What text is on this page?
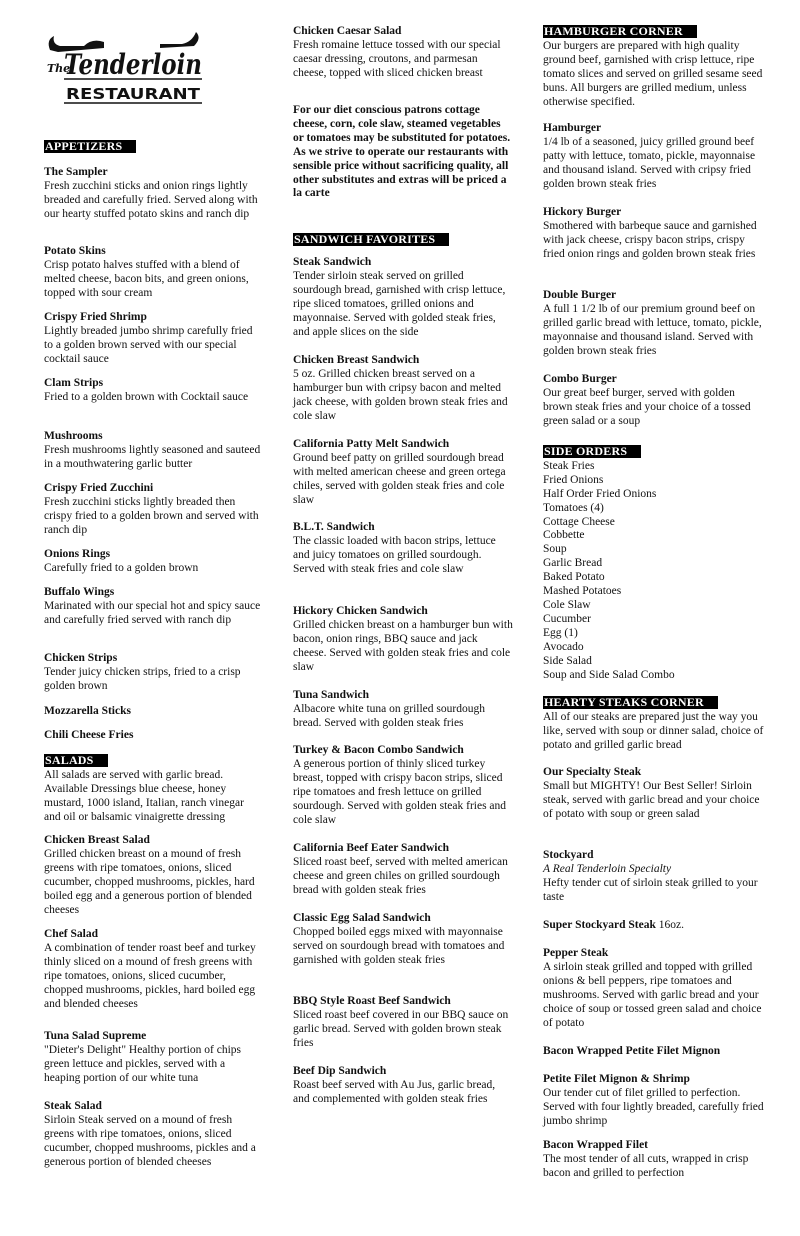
The
Tenderloin
RESTAURANT
APPETIZERS
The Sampler
Fresh zucchini sticks and onion rings lightly breaded and carefully fried. Served along with our hearty stuffed potato skins and ranch dip
Potato Skins
Crisp potato halves stuffed with a blend of melted cheese, bacon bits, and green onions, topped with sour cream
Crispy Fried Shrimp
Lightly breaded jumbo shrimp carefully fried to a golden brown served with our special cocktail sauce
Clam Strips
Fried to a golden brown with Cocktail sauce
Mushrooms
Fresh mushrooms lightly seasoned and sauteed in a mouthwatering garlic butter
Crispy Fried Zucchini
Fresh zucchini sticks lightly breaded then crispy fried to a golden brown and served with ranch dip
Onions Rings
Carefully fried to a golden brown
Buffalo Wings
Marinated with our special hot and spicy sauce and carefully fried served with ranch dip
Chicken Strips
Tender juicy chicken strips, fried to a crisp golden brown
Mozzarella Sticks
Chili Cheese Fries
SALADS
All salads are served with garlic bread. Available Dressings blue cheese, honey mustard, 1000 island, Italian, ranch vinegar and oil or balsamic vinaigrette dressing
Chicken Breast Salad
Grilled chicken breast on a mound of fresh greens with ripe tomatoes, onions, sliced cucumber, chopped mushrooms, pickles, hard boiled egg and a generous portion of blended cheeses
Chef Salad
A combination of tender roast beef and turkey thinly sliced on a mound of fresh greens with ripe tomatoes, onions, sliced cucumber, chopped mushrooms, pickles, hard boiled egg and blended cheeses
Tuna Salad Supreme
"Dieter's Delight" Healthy portion of chips green lettuce and pickles, served with a heaping portion of our white tuna
Steak Salad
Sirloin Steak served on a mound of fresh greens with ripe tomatoes, onions, sliced cucumber, chopped mushrooms, pickles and a generous portion of blended cheeses
Chicken Caesar Salad
Fresh romaine lettuce tossed with our special caesar dressing, croutons, and parmesan cheese, topped with sliced chicken breast
For our diet conscious patrons cottage cheese, corn, cole slaw, steamed vegetables or tomatoes may be substituted for potatoes. As we strive to operate our restaurants with sensible price without sacrificing quality, all other substitutes and extras will be priced a la carte
SANDWICH FAVORITES
Steak Sandwich
Tender sirloin steak served on grilled sourdough bread, garnished with crisp lettuce, ripe sliced tomatoes, grilled onions and mayonnaise. Served with golded steak fries, and apple slices on the side
Chicken Breast Sandwich
5 oz. Grilled chicken breast served on a hamburger bun with cripsy bacon and melted jack cheese, with golden brown steak fries and cole slaw
California Patty Melt Sandwich
Ground beef patty on grilled sourdough bread with melted american cheese and green ortega chiles, served with golden steak fries and cole slaw
B.L.T. Sandwich
The classic loaded with bacon strips, lettuce and juicy tomatoes on grilled sourdough. Served with steak fries and cole slaw
Hickory Chicken Sandwich
Grilled chicken breast on a hamburger bun with bacon, onion rings, BBQ sauce and jack cheese. Served with golden steak fries and cole slaw
Tuna Sandwich
Albacore white tuna on grilled sourdough bread. Served with golden steak fries
Turkey & Bacon Combo Sandwich
A generous portion of thinly sliced turkey breast, topped with crispy bacon strips, sliced ripe tomatoes and fresh lettuce on grilled sourdough. Served with golden steak fries and cole slaw
California Beef Eater Sandwich
Sliced roast beef, served with melted american cheese and green chiles on grilled sourdough bread with golden steak fries
Classic Egg Salad Sandwich
Chopped boiled eggs mixed with mayonnaise served on sourdough bread with tomatoes and garnished with golden steak fries
BBQ Style Roast Beef Sandwich
Sliced roast beef covered in our BBQ sauce on garlic bread. Served with golden brown steak fries
Beef Dip Sandwich
Roast beef served with Au Jus, garlic bread, and complemented with golden steak fries
HAMBURGER CORNER
Our burgers are prepared with high quality ground beef, garnished with crisp lettuce, ripe tomato slices and served on grilled sesame seed buns. All burgers are grilled medium, unless otherwise specified.
Hamburger
1/4 lb of a seasoned, juicy grilled ground beef patty with lettuce, tomato, pickle, mayonnaise and thousand island. Served with cripsy fried golden brown steak fries
Hickory Burger
Smothered with barbeque sauce and garnished with jack cheese, crispy bacon strips, crispy fried onion rings and golden brown steak fries
Double Burger
A full 1 1/2 lb of our premium ground beef on grilled garlic bread with lettuce, tomato, pickle, mayonnaise and thousand island. Served with golden brown steak fries
Combo Burger
Our great beef burger, served with golden brown steak fries and your choice of a tossed green salad or a soup
SIDE ORDERS
Steak Fries
Fried Onions
Half Order Fried Onions
Tomatoes (4)
Cottage Cheese
Cobbette
Soup
Garlic Bread
Baked Potato
Mashed Potatoes
Cole Slaw
Cucumber
Egg (1)
Avocado
Side Salad
Soup and Side Salad Combo
HEARTY STEAKS CORNER
All of our steaks are prepared just the way you like, served with soup or dinner salad, choice of potato and grilled garlic bread
Our Specialty Steak
Small but MIGHTY! Our Best Seller! Sirloin steak, served with garlic bread and your choice of potato with soup or green salad
Stockyard
A Real Tenderloin Specialty
Hefty tender cut of sirloin steak grilled to your taste
Super Stockyard Steak 16oz.
Pepper Steak
A sirloin steak grilled and topped with grilled onions & bell peppers, ripe tomatoes and mushrooms. Served with garlic bread and your choice of soup or tossed green salad and choice of potato
Bacon Wrapped Petite Filet Mignon
Petite Filet Mignon & Shrimp
Our tender cut of filet grilled to perfection. Served with four lightly breaded, carefully fried jumbo shrimp
Bacon Wrapped Filet
The most tender of all cuts, wrapped in crisp bacon and grilled to perfection
